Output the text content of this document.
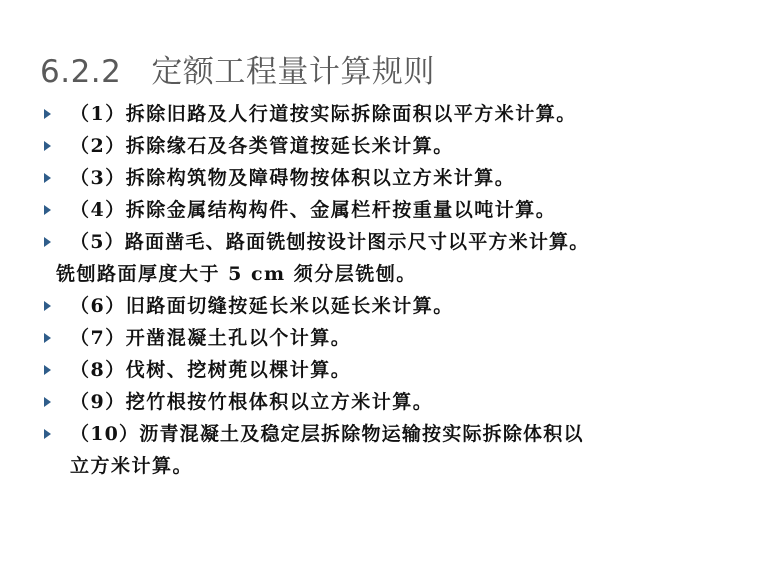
6.2.2 定额工程量计算规则
（1）拆除旧路及人行道按实际拆除面积以平方米计算。
（2）拆除缘石及各类管道按延长米计算。
（3）拆除构筑物及障碍物按体积以立方米计算。
（4）拆除金属结构构件、金属栏杆按重量以吨计算。
（5）路面凿毛、路面铣刨按设计图示尺寸以平方米计算。
铣刨路面厚度大于 5 cm 须分层铣刨。
（6）旧路面切缝按延长米以延长米计算。
（7）开凿混凝土孔以个计算。
（8）伐树、挖树蔸以棵计算。
（9）挖竹根按竹根体积以立方米计算。
（10）沥青混凝土及稳定层拆除物运输按实际拆除体积以
立方米计算。
